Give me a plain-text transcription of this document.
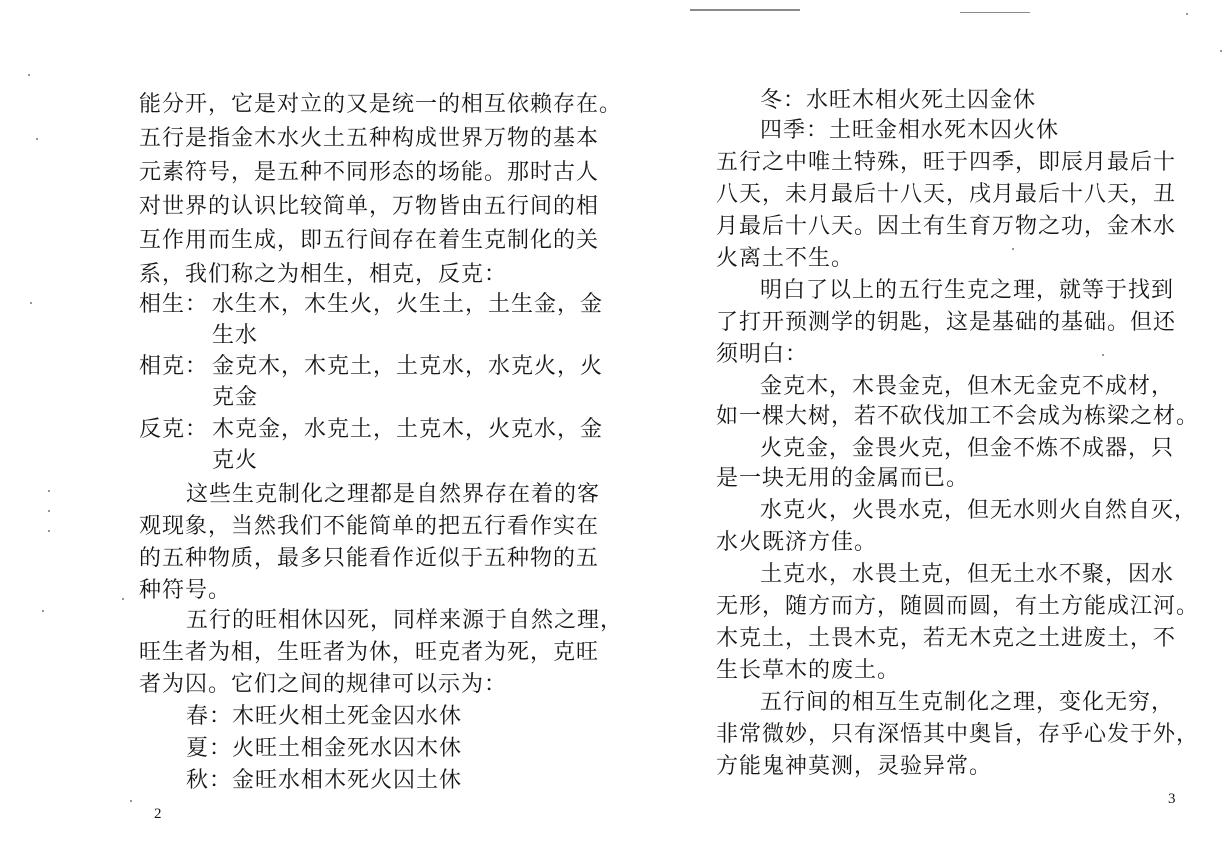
能分开，它是对立的又是统一的相互依赖存在。
五行是指金木水火土五种构成世界万物的基本
元素符号，是五种不同形态的场能。那时古人
对世界的认识比较简单，万物皆由五行间的相
互作用而生成，即五行间存在着生克制化的关
系，我们称之为相生，相克，反克：
相生： 水生木，木生火，火生土，土生金，金
生水
相克： 金克木，木克土，土克水，水克火，火
克金
反克： 木克金，水克土，土克木，火克水，金
克火
这些生克制化之理都是自然界存在着的客
观现象，当然我们不能简单的把五行看作实在
的五种物质，最多只能看作近似于五种物的五
种符号。
五行的旺相休囚死，同样来源于自然之理，
旺生者为相，生旺者为休，旺克者为死，克旺
者为囚。它们之间的规律可以示为：
春：木旺火相土死金囚水休
夏：火旺土相金死水囚木休
秋：金旺水相木死火囚土休
2
冬：水旺木相火死土囚金休
四季：土旺金相水死木囚火休
五行之中唯土特殊，旺于四季，即辰月最后十
八天，未月最后十八天，戌月最后十八天，丑
月最后十八天。因土有生育万物之功，金木水
火离土不生。
明白了以上的五行生克之理，就等于找到
了打开预测学的钥匙，这是基础的基础。但还
须明白：
金克木，木畏金克，但木无金克不成材，
如一棵大树，若不砍伐加工不会成为栋梁之材。
火克金，金畏火克，但金不炼不成器，只
是一块无用的金属而已。
水克火，火畏水克，但无水则火自然自灭，
水火既济方佳。
土克水，水畏土克，但无土水不聚，因水
无形，随方而方，随圆而圆，有土方能成江河。
木克土，土畏木克，若无木克之土进废土，不
生长草木的废土。
五行间的相互生克制化之理，变化无穷，
非常微妙，只有深悟其中奥旨，存乎心发于外，
方能鬼神莫测，灵验异常。
3
